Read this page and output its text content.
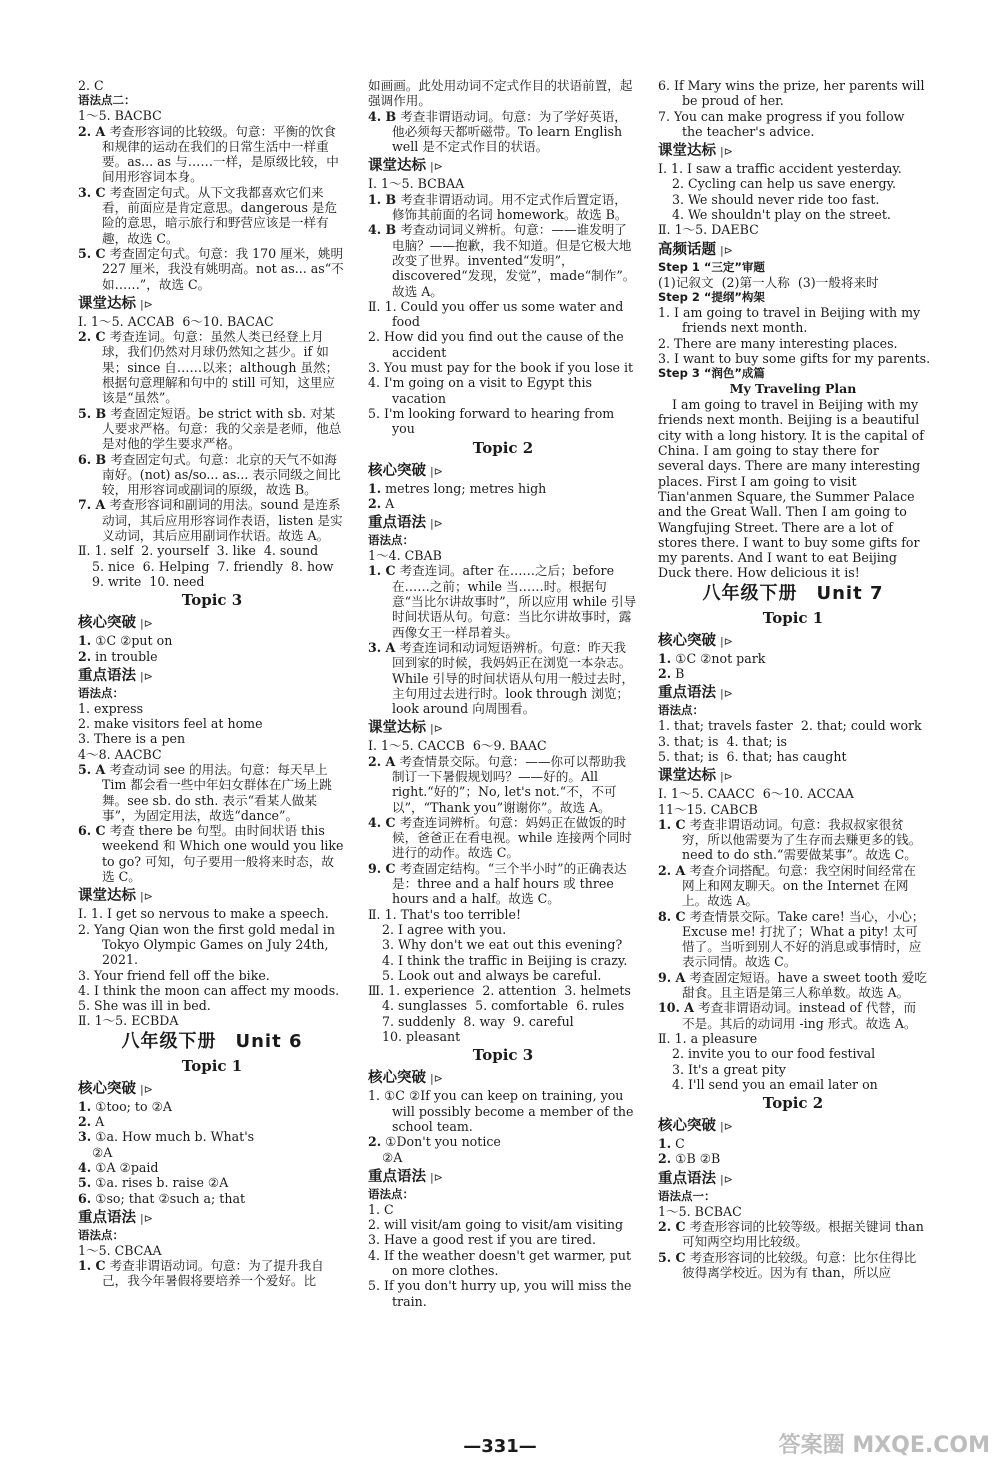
2. C

语法点二：

1～5. BACBC

2. A 考查形容词的比较级。句意：平衡的饮食和规律的运动在我们的日常生活中一样重要。as... as 与……一样，是原级比较，中间用形容词本身。

3. C 考查固定句式。从下文我都喜欢它们来看，前面应是肯定意思。dangerous 是危险的意思，暗示旅行和野营应该是一样有趣，故选 C。

5. C 考查固定句式。句意：我 170 厘米，姚明 227 厘米，我没有姚明高。not as... as“不如……”，故选 C。

课堂达标 |⊳

Ⅰ. 1～5. ACCAB  6～10. BACAC

2. C 考查连词。句意：虽然人类已经登上月球，我们仍然对月球仍然知之甚少。if 如果；since 自……以来；although 虽然；根据句意理解和句中的 still 可知，这里应该是“虽然”。

5. B 考查固定短语。be strict with sb. 对某人要求严格。句意：我的父亲是老师，他总是对他的学生要求严格。

6. B 考查固定句式。句意：北京的天气不如海南好。(not) as/so... as... 表示同级之间比较，用形容词或副词的原级，故选 B。

7. A 考查形容词和副词的用法。sound 是连系动词，其后应用形容词作表语，listen 是实义动词，其后应用副词作状语。故选 A。

Ⅱ. 1. self  2. yourself  3. like  4. sound

5. nice  6. Helping  7. friendly  8. how

9. write  10. need

Topic 3

核心突破 |⊳

1. ①C ②put on

2. in trouble

重点语法 |⊳

语法点：

1. express

2. make visitors feel at home

3. There is a pen

4～8. AACBC

5. A 考查动词 see 的用法。句意：每天早上 Tim 都会看一些中年妇女群体在广场上跳舞。see sb. do sth. 表示“看某人做某事”，为固定用法，故选“dance”。

6. C 考查 there be 句型。由时间状语 this weekend 和 Which one would you like to go? 可知，句子要用一般将来时态，故选 C。

课堂达标 |⊳

Ⅰ. 1. I get so nervous to make a speech.

2. Yang Qian won the first gold medal in Tokyo Olympic Games on July 24th, 2021.

3. Your friend fell off the bike.

4. I think the moon can affect my moods.

5. She was ill in bed.

Ⅱ. 1～5. ECBDA

八年级下册　Unit 6

Topic 1

核心突破 |⊳

1. ①too; to ②A

2. A

3. ①a. How much b. What's

②A

4. ①A ②paid

5. ①a. rises b. raise ②A

6. ①so; that ②such a; that

重点语法 |⊳

语法点：

1～5. CBCAA

1. C 考查非谓语动词。句意：为了提升我自己，我今年暑假将要培养一个爱好。比

如画画。此处用动词不定式作目的状语前置，起强调作用。

4. B 考查非谓语动词。句意：为了学好英语，他必须每天都听磁带。To learn English well 是不定式作目的状语。

课堂达标 |⊳

Ⅰ. 1～5. BCBAA

1. B 考查非谓语动词。用不定式作后置定语，修饰其前面的名词 homework。故选 B。

4. B 考查动词词义辨析。句意：——谁发明了电脑？——抱歉，我不知道。但是它极大地改变了世界。invented“发明”，discovered“发现，发觉”，made“制作”。故选 A。

Ⅱ. 1. Could you offer us some water and food

2. How did you find out the cause of the accident

3. You must pay for the book if you lose it

4. I'm going on a visit to Egypt this vacation

5. I'm looking forward to hearing from you

Topic 2

核心突破 |⊳

1. metres long; metres high

2. A

重点语法 |⊳

语法点：

1～4. CBAB

1. C 考查连词。after 在……之后；before 在……之前；while 当……时。根据句意“当比尔讲故事时”，所以应用 while 引导时间状语从句。句意：当比尔讲故事时，露西像女王一样昂着头。

3. A 考查连词和动词短语辨析。句意：昨天我回到家的时候，我妈妈正在浏览一本杂志。While 引导的时间状语从句用一般过去时，主句用过去进行时。look through 浏览；look around 向周围看。

课堂达标 |⊳

Ⅰ. 1～5. CACCB  6～9. BAAC

2. A 考查情景交际。句意：——你可以帮助我制订一下暑假规划吗？——好的。All right.“好的”；No, let's not.“不，不可以”，“Thank you”谢谢你”。故选 A。

4. C 考查连词辨析。句意：妈妈正在做饭的时候，爸爸正在看电视。while 连接两个同时进行的动作。故选 C。

9. C 考查固定结构。“三个半小时”的正确表达是：three and a half hours 或 three hours and a half。故选 C。

Ⅱ. 1. That's too terrible!

2. I agree with you.

3. Why don't we eat out this evening?

4. I think the traffic in Beijing is crazy.

5. Look out and always be careful.

Ⅲ. 1. experience  2. attention  3. helmets

4. sunglasses  5. comfortable  6. rules

7. suddenly  8. way  9. careful

10. pleasant

Topic 3

核心突破 |⊳

1. ①C ②If you can keep on training, you will possibly become a member of the school team.

2. ①Don't you notice

②A

重点语法 |⊳

语法点：

1. C

2. will visit/am going to visit/am visiting

3. Have a good rest if you are tired.

4. If the weather doesn't get warmer, put on more clothes.

5. If you don't hurry up, you will miss the train.

6. If Mary wins the prize, her parents will be proud of her.

7. You can make progress if you follow the teacher's advice.

课堂达标 |⊳

Ⅰ. 1. I saw a traffic accident yesterday.

2. Cycling can help us save energy.

3. We should never ride too fast.

4. We shouldn't play on the street.

Ⅱ. 1～5. DAEBC

高频话题 |⊳

Step 1 “三定”审题

(1)记叙文  (2)第一人称  (3)一般将来时

Step 2 “提纲”构架

1. I am going to travel in Beijing with my friends next month.

2. There are many interesting places.

3. I want to buy some gifts for my parents.

Step 3 “润色”成篇

My Traveling Plan

I am going to travel in Beijing with my friends next month. Beijing is a beautiful city with a long history. It is the capital of China. I am going to stay there for several days. There are many interesting places. First I am going to visit Tian'anmen Square, the Summer Palace and the Great Wall. Then I am going to Wangfujing Street. There are a lot of stores there. I want to buy some gifts for my parents. And I want to eat Beijing Duck there. How delicious it is!

八年级下册　Unit 7

Topic 1

核心突破 |⊳

1. ①C ②not park

2. B

重点语法 |⊳

语法点：

1. that; travels faster  2. that; could work

3. that; is  4. that; is

5. that; is  6. that; has caught

课堂达标 |⊳

Ⅰ. 1～5. CAACC  6～10. ACCAA

11～15. CABCB

1. C 考查非谓语动词。句意：我叔叔家很贫穷，所以他需要为了生存而去赚更多的钱。need to do sth.“需要做某事”。故选 C。

2. A 考查介词搭配。句意：我空闲时间经常在网上和网友聊天。on the Internet 在网上。故选 A。

8. C 考查情景交际。Take care! 当心，小心；Excuse me! 打扰了；What a pity! 太可惜了。当听到别人不好的消息或事情时，应表示同情。故选 C。

9. A 考查固定短语。have a sweet tooth 爱吃甜食。且主语是第三人称单数。故选 A。

10. A 考查非谓语动词。instead of 代替，而不是。其后的动词用 -ing 形式。故选 A。

Ⅱ. 1. a pleasure

2. invite you to our food festival

3. It's a great pity

4. I'll send you an email later on

Topic 2

核心突破 |⊳

1. C

2. ①B ②B

重点语法 |⊳

语法点一：

1～5. BCBAC

2. C 考查形容词的比较等级。根据关键词 than 可知两空均用比较级。

5. C 考查形容词的比较级。句意：比尔住得比彼得离学校近。因为有 than，所以应

—331—	答案圈 MXQE.COM
